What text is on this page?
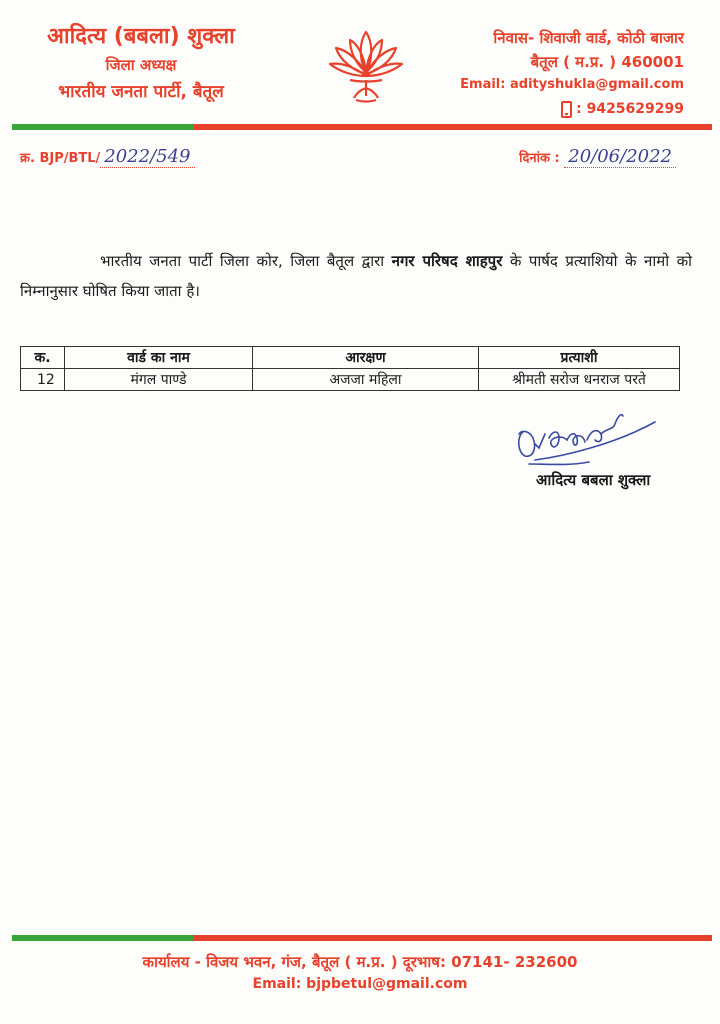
आदित्य (बबला) शुक्ला
जिला अध्यक्ष
भारतीय जनता पार्टी, बैतूल
निवास- शिवाजी वार्ड, कोठी बाजार
बैतूल ( म.प्र. ) 460001
Email: adityshukla@gmail.com
: 9425629299
क्र. BJP/BTL/ 2022/549	दिनांक : 20/06/2022
भारतीय जनता पार्टी जिला कोर, जिला बैतूल द्वारा नगर परिषद शाहपुर के पार्षद प्रत्याशियो के नामो को निम्नानुसार घोषित किया जाता है।
क.	वार्ड का नाम	आरक्षण	प्रत्याशी
12	मंगल पाण्डे	अजजा महिला	श्रीमती सरोज धनराज परते
आदित्य बबला शुक्ला
कार्यालय - विजय भवन, गंज, बैतूल ( म.प्र. ) दूरभाष: 07141- 232600
Email: bjpbetul@gmail.com
